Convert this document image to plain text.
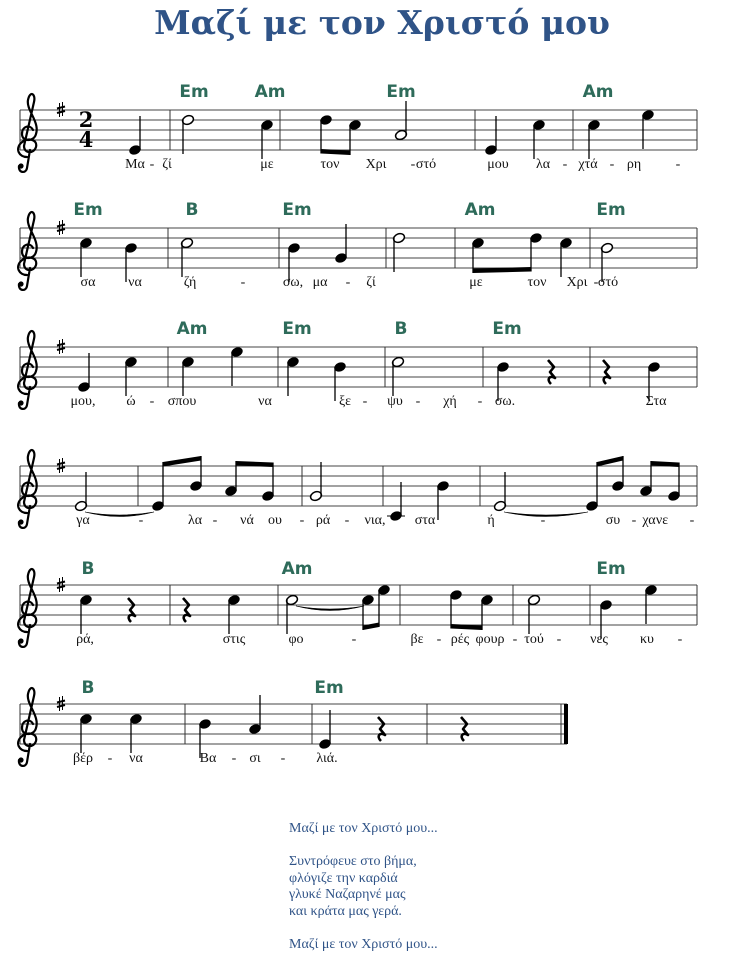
Μαζί με τον Χριστό μου
2
4
Em	Am	Em	Am
Μα - ζί	με	τον Χρι - στό	μου λα - χτά - ρη -
Em	B	Em	Am	Em
σα να	ζή	-	σω, μα - ζί	με	τον Χρι - στό
Am	Em	B	Em
μου, ώ - σπου	να	ξε - ψυ - χή - σω.	Στα
γα	-	λα - νά ου - ρά - νια, στα	ή	-	συ - χα νε -
B	Am	Em
ρά,	στις	φο	-	βε - ρές φουρ - τού - νες κυ -
B	Em
βέρ - να	Βα - σι - λιά.
Μαζί με τον Χριστό μου...
Συντρόφευε στο βήμα,
φλόγιζε την καρδιά
γλυκέ Ναζαρηνέ μας
και κράτα μας γερά.
Μαζί με τον Χριστό μου...
